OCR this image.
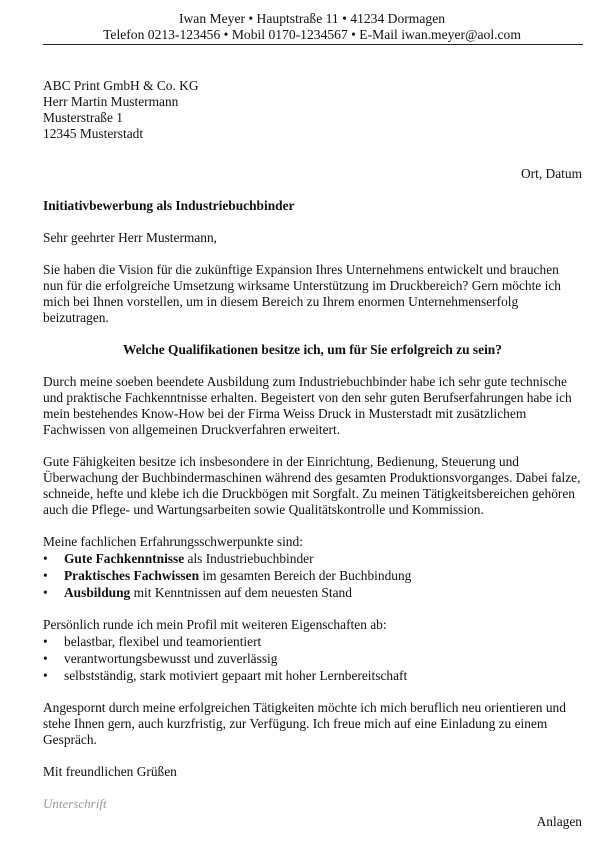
Iwan Meyer • Hauptstraße 11 • 41234 Dormagen
Telefon 0213-123456 • Mobil 0170-1234567 • E-Mail iwan.meyer@aol.com
ABC Print GmbH & Co. KG
Herr Martin Mustermann
Musterstraße 1
12345 Musterstadt
Ort, Datum
Initiativbewerbung als Industriebuchbinder
Sehr geehrter Herr Mustermann,

Sie haben die Vision für die zukünftige Expansion Ihres Unternehmens entwickelt und brauchen nun für die erfolgreiche Umsetzung wirksame Unterstützung im Druckbereich? Gern möchte ich mich bei Ihnen vorstellen, um in diesem Bereich zu Ihrem enormen Unternehmenserfolg beizutragen.

Welche Qualifikationen besitze ich, um für Sie erfolgreich zu sein?

Durch meine soeben beendete Ausbildung zum Industriebuchbinder habe ich sehr gute technische und praktische Fachkenntnisse erhalten. Begeistert von den sehr guten Berufserfahrungen habe ich mein bestehendes Know-How bei der Firma Weiss Druck in Musterstadt mit zusätzlichem Fachwissen von allgemeinen Druckverfahren erweitert.

Gute Fähigkeiten besitze ich insbesondere in der Einrichtung, Bedienung, Steuerung und Überwachung der Buchbindermaschinen während des gesamten Produktionsvorganges. Dabei falze, schneide, hefte und klebe ich die Druckbögen mit Sorgfalt. Zu meinen Tätigkeitsbereichen gehören auch die Pflege- und Wartungsarbeiten sowie Qualitätskontrolle und Kommission.

Meine fachlichen Erfahrungsschwerpunkte sind:

• Gute Fachkenntnisse als Industriebuchbinder
• Praktisches Fachwissen im gesamten Bereich der Buchbindung
• Ausbildung mit Kenntnissen auf dem neuesten Stand

Persönlich runde ich mein Profil mit weiteren Eigenschaften ab:

• belastbar, flexibel und teamorientiert
• verantwortungsbewusst und zuverlässig
• selbstständig, stark motiviert gepaart mit hoher Lernbereitschaft

Angespornt durch meine erfolgreichen Tätigkeiten möchte ich mich beruflich neu orientieren und stehe Ihnen gern, auch kurzfristig, zur Verfügung. Ich freue mich auf eine Einladung zu einem Gespräch.

Mit freundlichen Grüßen

Unterschrift
Anlagen
